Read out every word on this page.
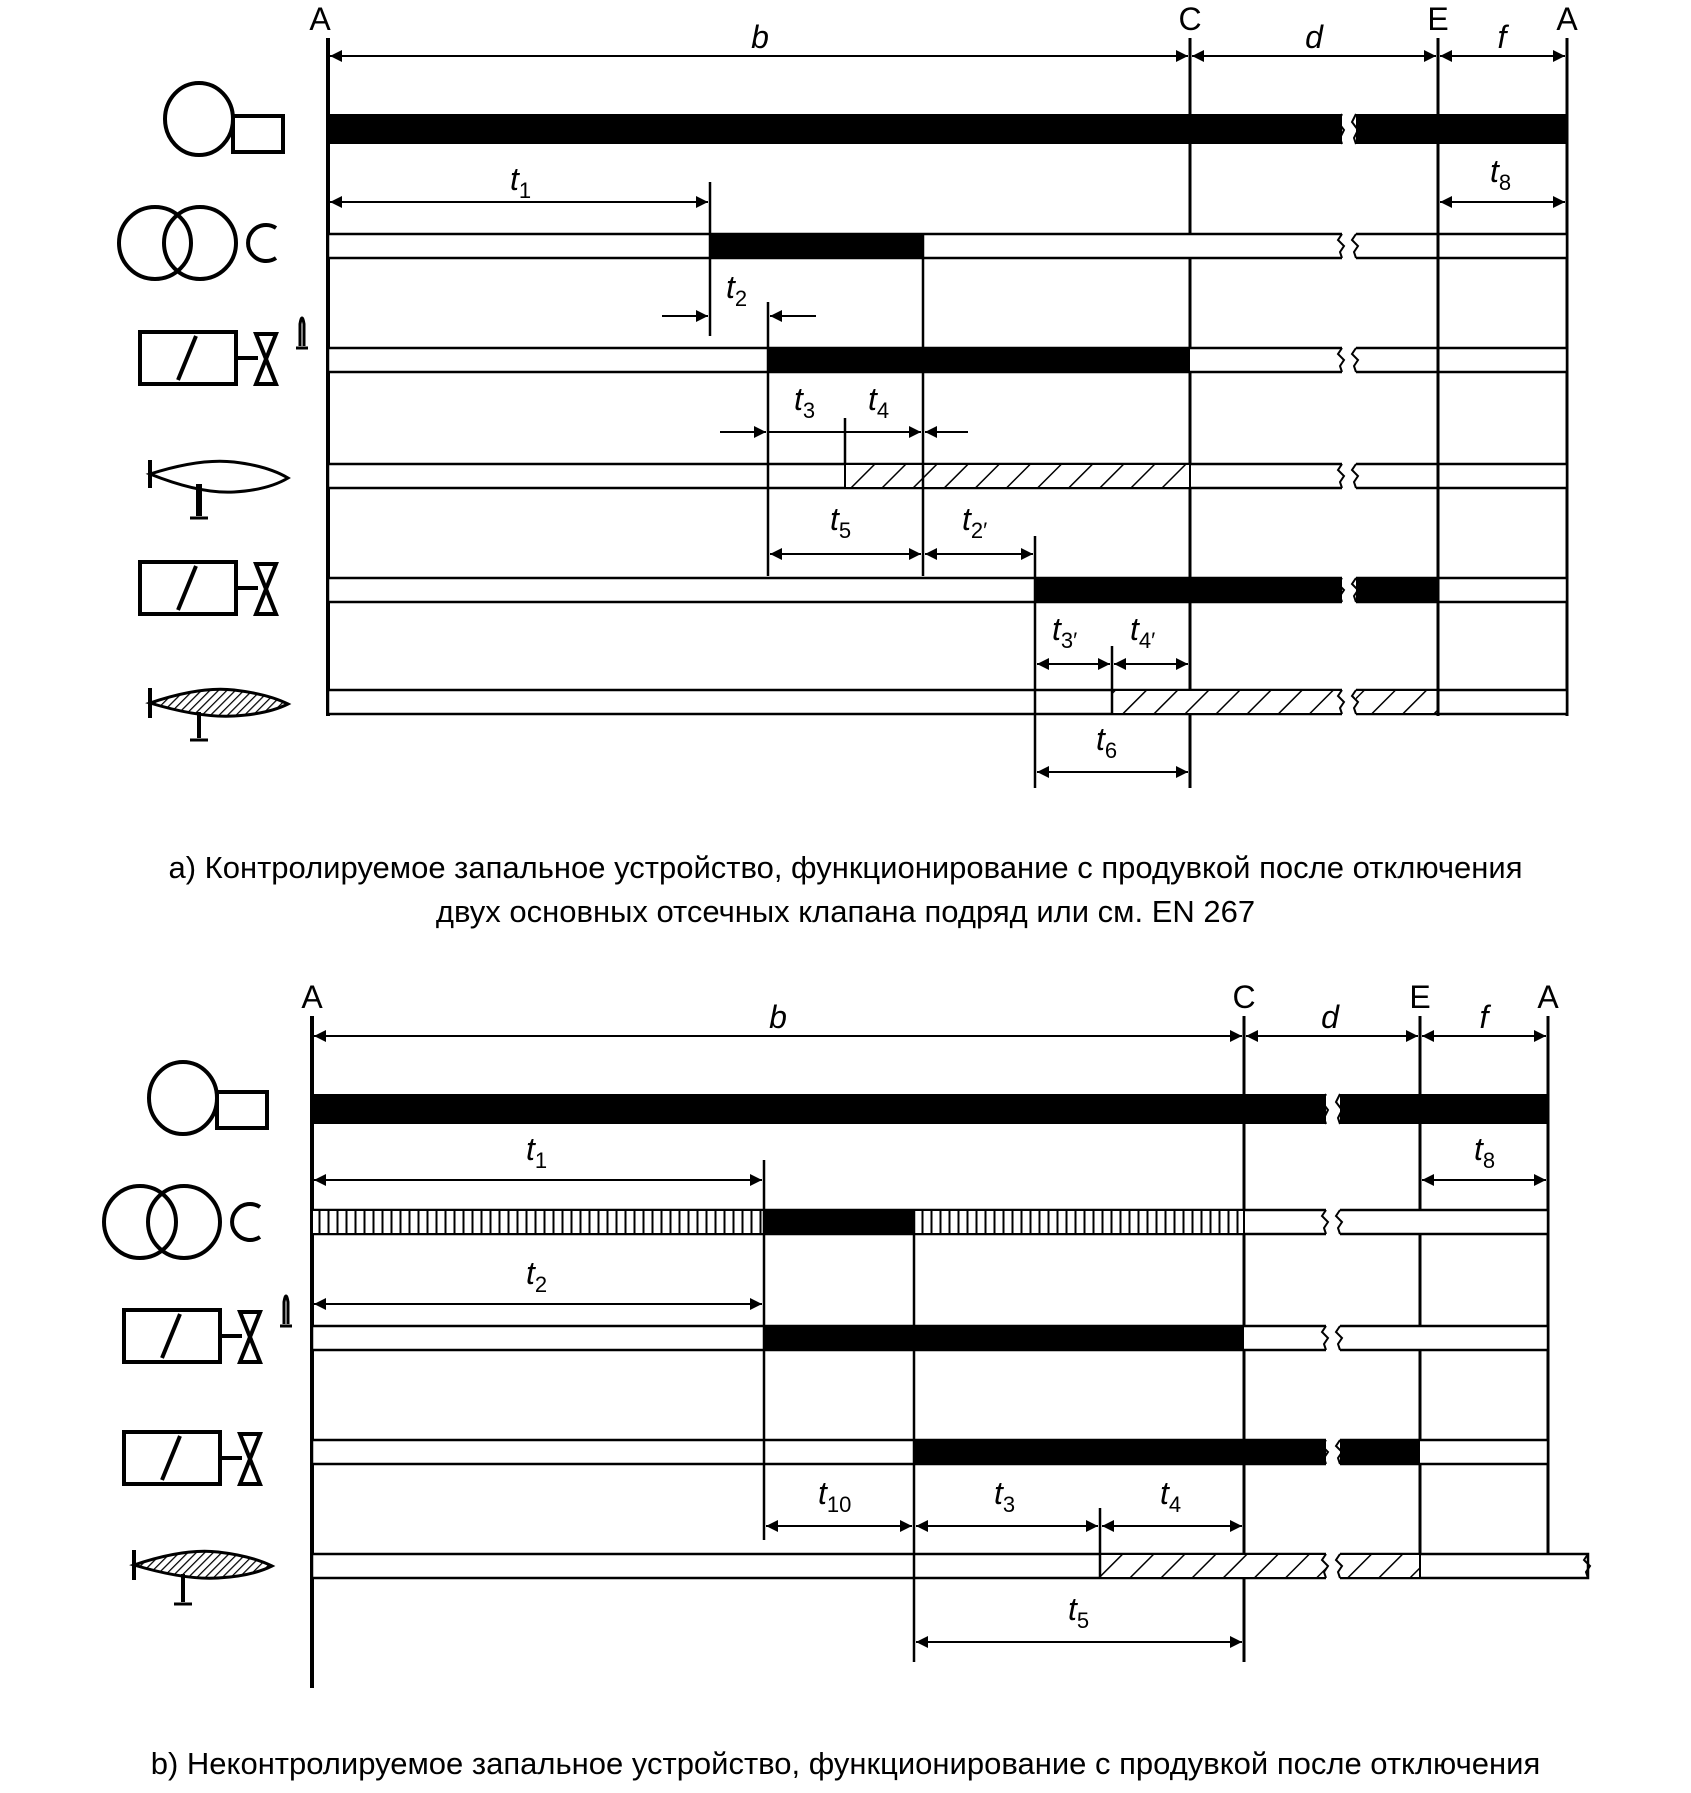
A	C	E	A
b	d	f
$t_1$
$t_8$
$t_2$
$t_3$ $t_4$
$t_5$	$t_{2'}$
$t_{3'}$ $t_{4'}$
$t_6$
A	C	E	A
b	d	f
$t_1$	$t_8$
$t_2$
$t_{10}$	$t_3$	$t_4$
$t_5$
a) Контролируемое запальное устройство, функционирование с продувкой после отключения
двух основных отсечных клапана подряд или см. EN 267
b) Неконтролируемое запальное устройство, функционирование с продувкой после отключения
